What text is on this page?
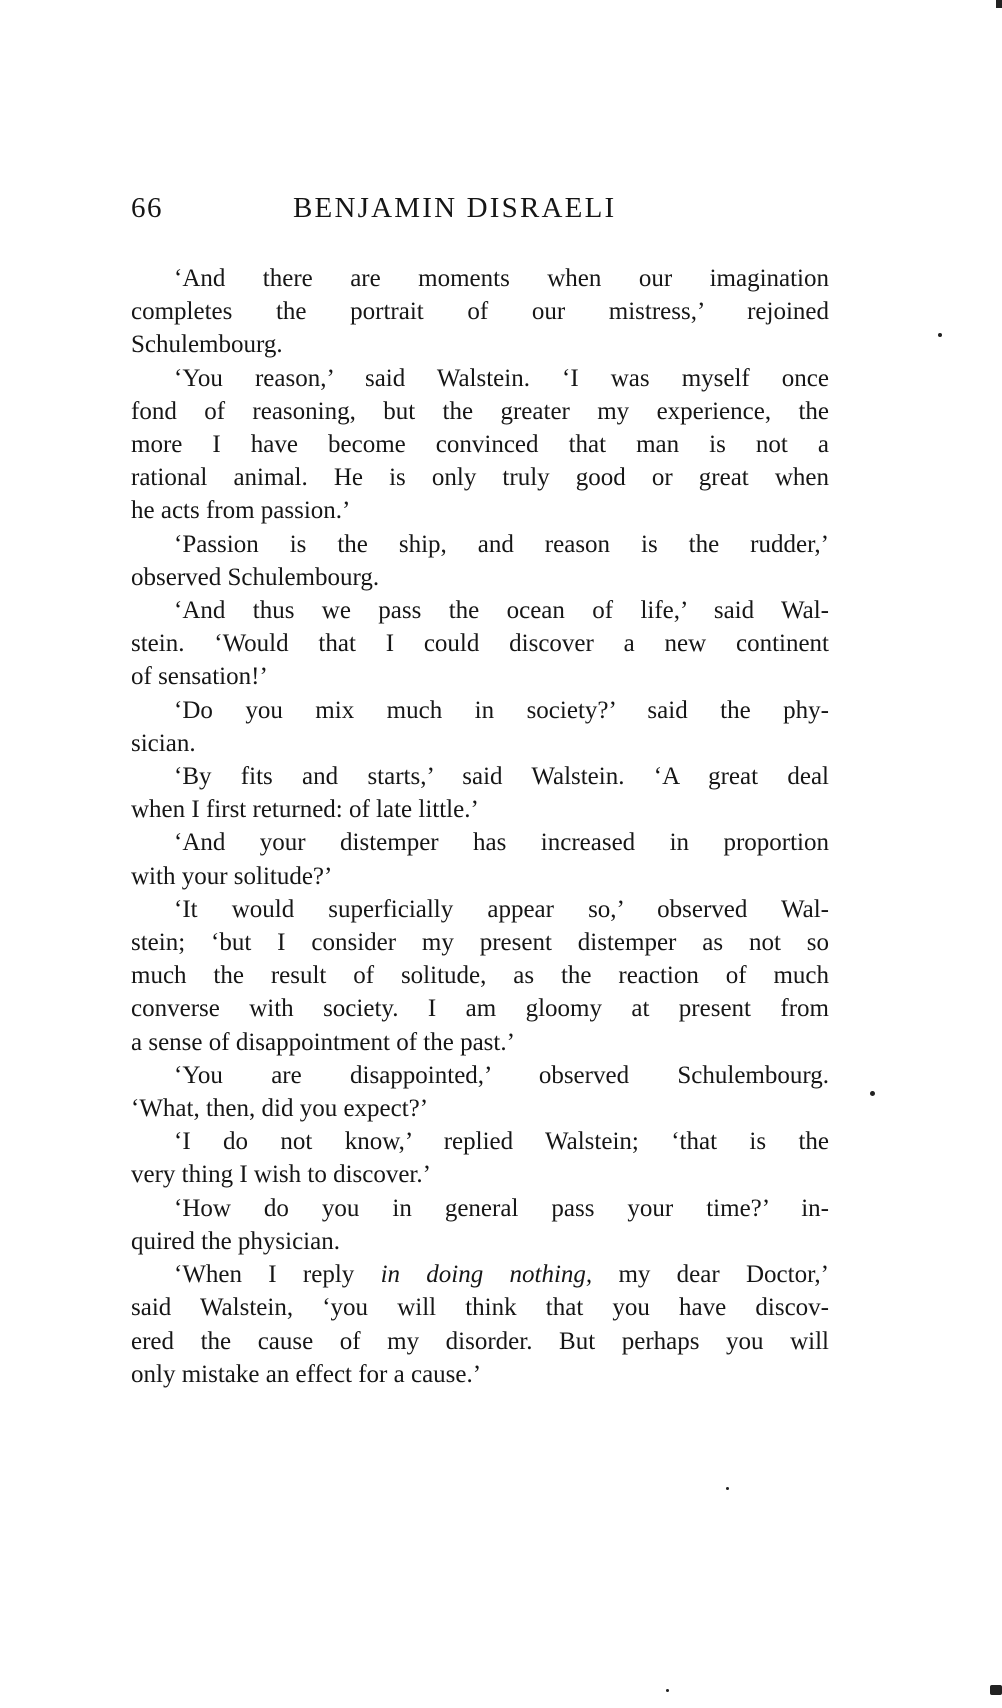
66	BENJAMIN DISRAELI

‘And there are moments when our imagination
completes the portrait of our mistress,’ rejoined
Schulembourg.

‘You reason,’ said Walstein. ‘I was myself once
fond of reasoning, but the greater my experience, the
more I have become convinced that man is not a
rational animal. He is only truly good or great when
he acts from passion.’

‘Passion is the ship, and reason is the rudder,’
observed Schulembourg.

‘And thus we pass the ocean of life,’ said Wal-
stein. ‘Would that I could discover a new continent
of sensation!’

‘Do you mix much in society?’ said the phy-
sician.

‘By fits and starts,’ said Walstein. ‘A great deal
when I first returned: of late little.’

‘And your distemper has increased in proportion
with your solitude?’

‘It would superficially appear so,’ observed Wal-
stein; ‘but I consider my present distemper as not so
much the result of solitude, as the reaction of much
converse with society. I am gloomy at present from
a sense of disappointment of the past.’

‘You are disappointed,’ observed Schulembourg.
‘What, then, did you expect?’

‘I do not know,’ replied Walstein; ‘that is the
very thing I wish to discover.’

‘How do you in general pass your time?’ in-
quired the physician.

‘When I reply in doing nothing, my dear Doctor,’
said Walstein, ‘you will think that you have discov-
ered the cause of my disorder. But perhaps you will
only mistake an effect for a cause.’
